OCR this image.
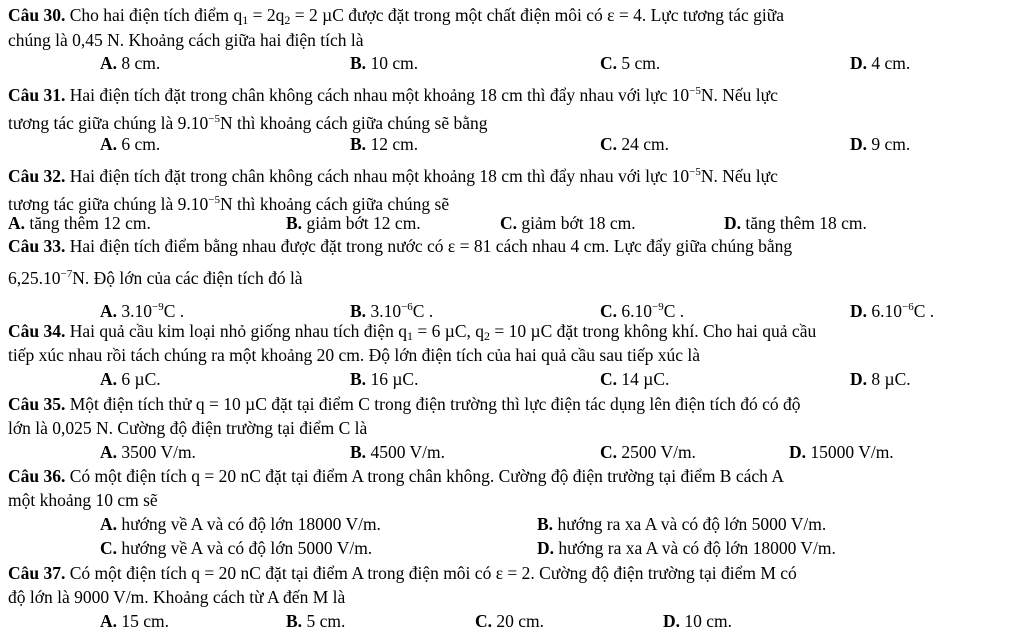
Câu 30. Cho hai điện tích điểm $q_1 = 2q_2 = 2$ µC được đặt trong một chất điện môi có ε = 4. Lực tương tác giữa
chúng là 0,45 N. Khoảng cách giữa hai điện tích là
A. 8 cm.	B. 10 cm.	C. 5 cm.	D. 4 cm.
Câu 31. Hai điện tích đặt trong chân không cách nhau một khoảng 18 cm thì đẩy nhau với lực $10^{-5}N$. Nếu lực
tương tác giữa chúng là $9.10^{-5}N$ thì khoảng cách giữa chúng sẽ bằng
A. 6 cm.	B. 12 cm.	C. 24 cm.	D. 9 cm.
Câu 32. Hai điện tích đặt trong chân không cách nhau một khoảng 18 cm thì đẩy nhau với lực $10^{-5}N$. Nếu lực
tương tác giữa chúng là $9.10^{-5}N$ thì khoảng cách giữa chúng sẽ
A. tăng thêm 12 cm.	B. giảm bớt 12 cm.	C. giảm bớt 18 cm.	D. tăng thêm 18 cm.
Câu 33. Hai điện tích điểm bằng nhau được đặt trong nước có ε = 81 cách nhau 4 cm. Lực đẩy giữa chúng bằng
$6,25.10^{-7}N$. Độ lớn của các điện tích đó là
A. $3.10^{-9}C$ .	B. $3.10^{-6}C$ .	C. $6.10^{-9}C$ .	D. $6.10^{-6}C$ .
Câu 34. Hai quả cầu kim loại nhỏ giống nhau tích điện $q_1 = 6$ µC, $q_2 = 10$ µC đặt trong không khí. Cho hai quả cầu
tiếp xúc nhau rồi tách chúng ra một khoảng 20 cm. Độ lớn điện tích của hai quả cầu sau tiếp xúc là
A. 6 µC.	B. 16 µC.	C. 14 µC.	D. 8 µC.
Câu 35. Một điện tích thử q = 10 µC đặt tại điểm C trong điện trường thì lực điện tác dụng lên điện tích đó có độ
lớn là 0,025 N. Cường độ điện trường tại điểm C là
A. 3500 V/m.	B. 4500 V/m.	C. 2500 V/m.	D. 15000 V/m.
Câu 36. Có một điện tích q = 20 nC đặt tại điểm A trong chân không. Cường độ điện trường tại điểm B cách A
một khoảng 10 cm sẽ
A. hướng về A và có độ lớn 18000 V/m.	B. hướng ra xa A và có độ lớn 5000 V/m.
C. hướng về A và có độ lớn 5000 V/m.	D. hướng ra xa A và có độ lớn 18000 V/m.
Câu 37. Có một điện tích q = 20 nC đặt tại điểm A trong điện môi có ε = 2. Cường độ điện trường tại điểm M có
độ lớn là 9000 V/m. Khoảng cách từ A đến M là
A. 15 cm.	B. 5 cm.	C. 20 cm.	D. 10 cm.
